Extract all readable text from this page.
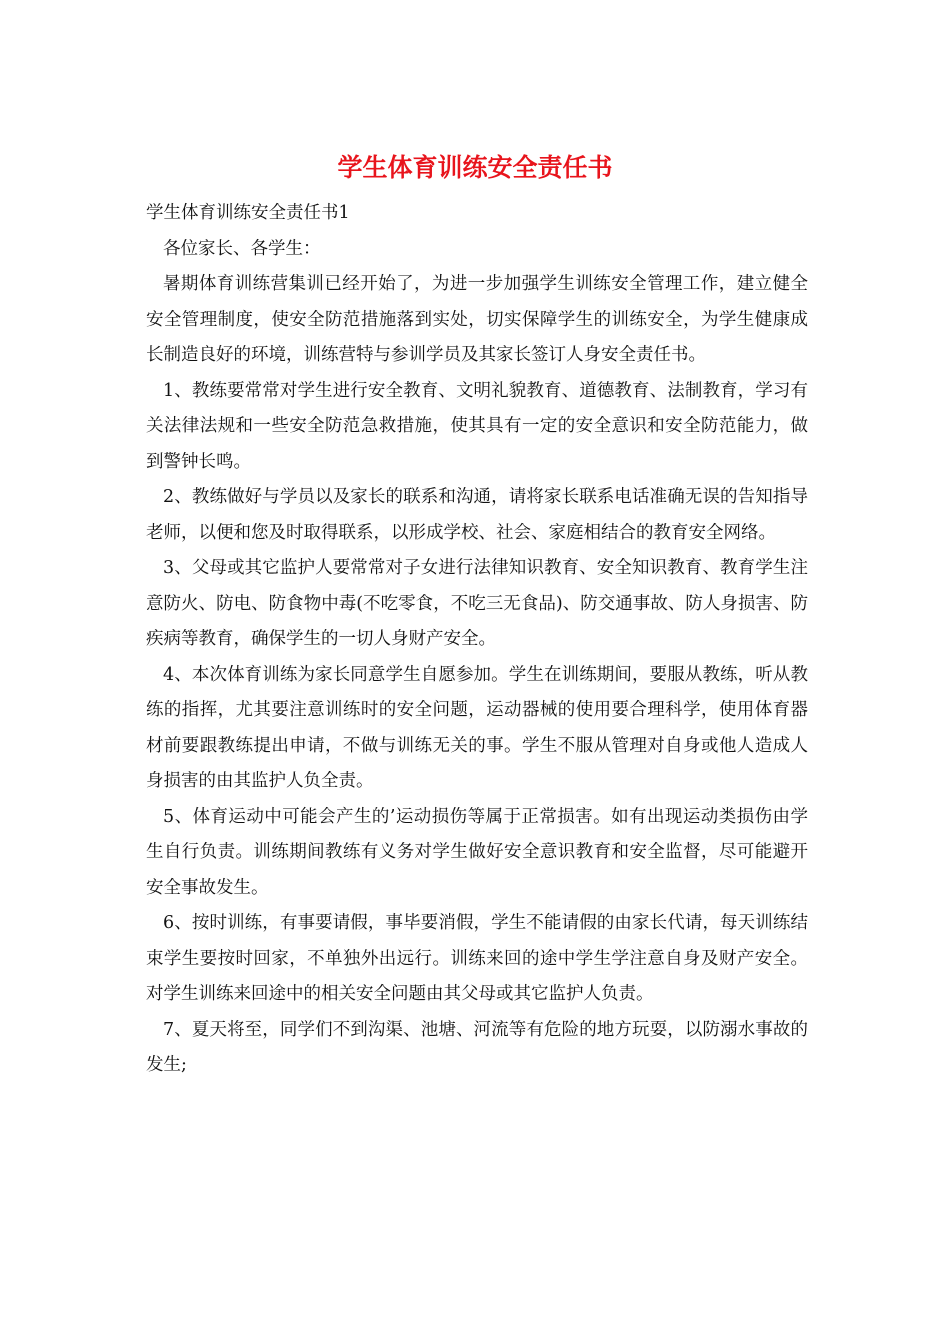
学生体育训练安全责任书

学生体育训练安全责任书1

各位家长、各学生：

暑期体育训练营集训已经开始了，为进一步加强学生训练安全管理工作，建立健全安全管理制度，使安全防范措施落到实处，切实保障学生的训练安全，为学生健康成长制造良好的环境，训练营特与参训学员及其家长签订人身安全责任书。

1、教练要常常对学生进行安全教育、文明礼貌教育、道德教育、法制教育，学习有关法律法规和一些安全防范急救措施，使其具有一定的安全意识和安全防范能力，做到警钟长鸣。

2、教练做好与学员以及家长的联系和沟通，请将家长联系电话准确无误的告知指导老师，以便和您及时取得联系，以形成学校、社会、家庭相结合的教育安全网络。

3、父母或其它监护人要常常对子女进行法律知识教育、安全知识教育、教育学生注意防火、防电、防食物中毒(不吃零食，不吃三无食品)、防交通事故、防人身损害、防疾病等教育，确保学生的一切人身财产安全。

4、本次体育训练为家长同意学生自愿参加。学生在训练期间，要服从教练，听从教练的指挥，尤其要注意训练时的安全问题，运动器械的使用要合理科学，使用体育器材前要跟教练提出申请，不做与训练无关的事。学生不服从管理对自身或他人造成人身损害的由其监护人负全责。

5、体育运动中可能会产生的’运动损伤等属于正常损害。如有出现运动类损伤由学生自行负责。训练期间教练有义务对学生做好安全意识教育和安全监督，尽可能避开安全事故发生。

6、按时训练，有事要请假，事毕要消假，学生不能请假的由家长代请，每天训练结束学生要按时回家，不单独外出远行。训练来回的途中学生学注意自身及财产安全。对学生训练来回途中的相关安全问题由其父母或其它监护人负责。

7、夏天将至，同学们不到沟渠、池塘、河流等有危险的地方玩耍，以防溺水事故的发生;
